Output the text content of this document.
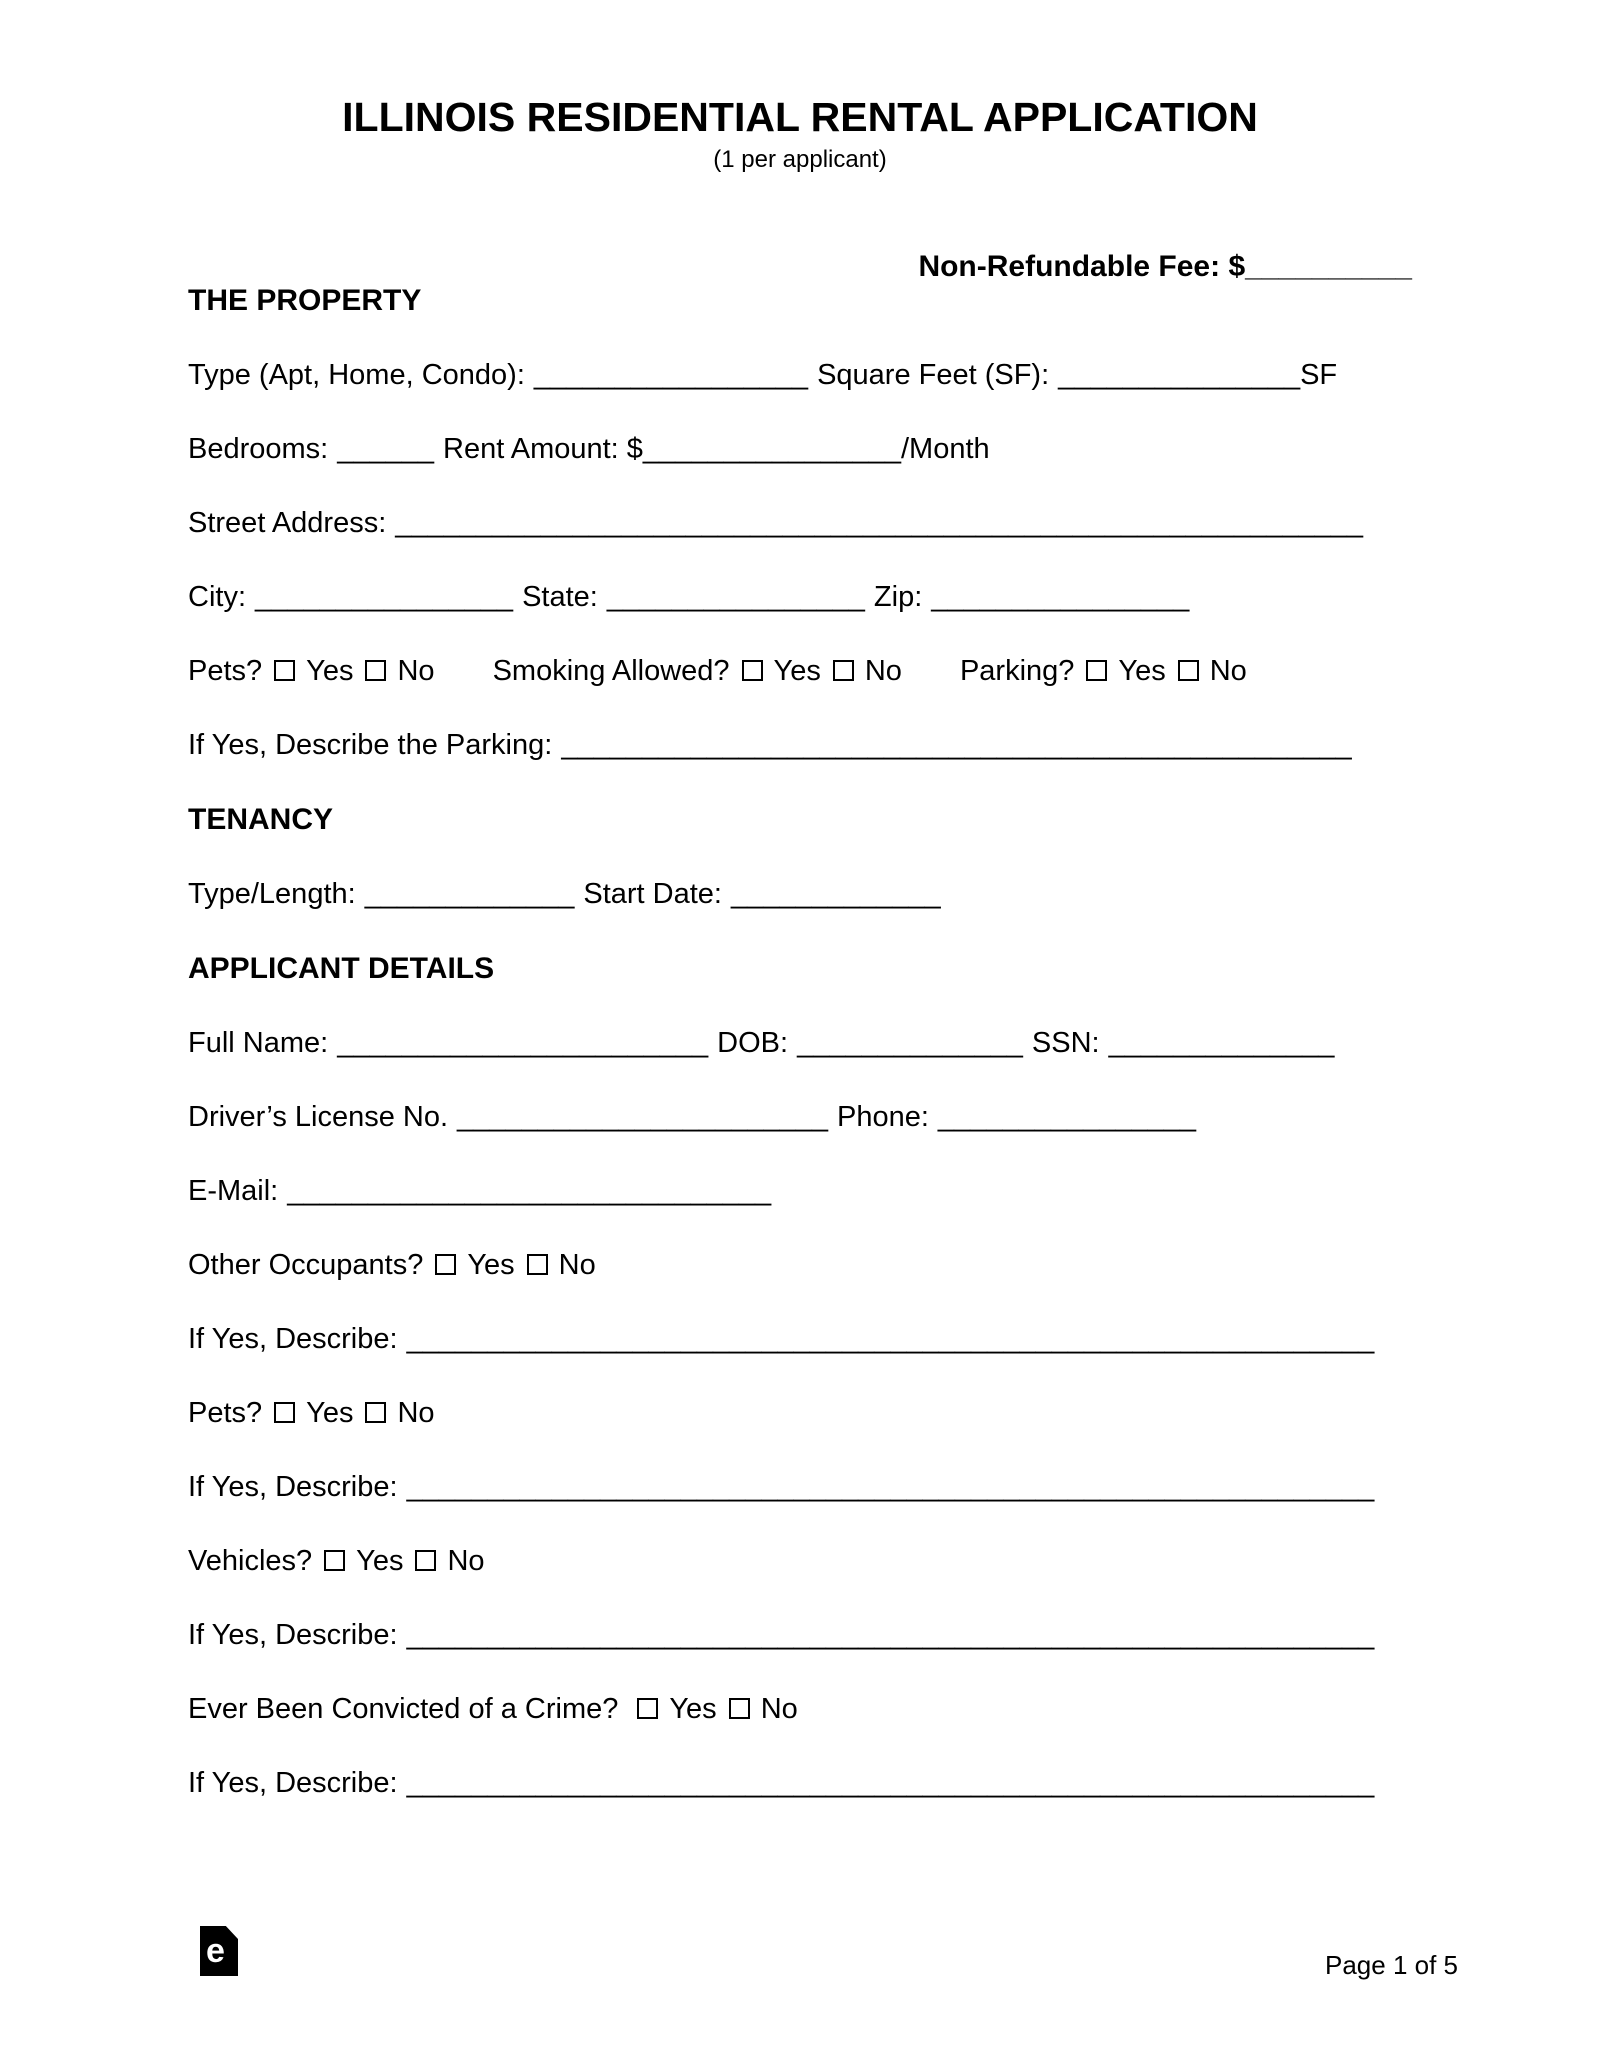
ILLINOIS RESIDENTIAL RENTAL APPLICATION
(1 per applicant)
Non-Refundable Fee: $__________
THE PROPERTY
Type (Apt, Home, Condo): _________________ Square Feet (SF): _______________SF
Bedrooms: ______ Rent Amount: $________________/Month
Street Address: ____________________________________________________________
City: ________________ State: ________________ Zip: ________________
Pets? Yes No Smoking Allowed? Yes No Parking? Yes No
If Yes, Describe the Parking: _________________________________________________
TENANCY
Type/Length: _____________ Start Date: _____________
APPLICANT DETAILS
Full Name: _______________________ DOB: ______________ SSN: ______________
Driver’s License No. _______________________ Phone: ________________
E-Mail: ______________________________
Other Occupants? Yes No
If Yes, Describe: ____________________________________________________________
Pets? Yes No
If Yes, Describe: ____________________________________________________________
Vehicles? Yes No
If Yes, Describe: ____________________________________________________________
Ever Been Convicted of a Crime? Yes No
If Yes, Describe: ____________________________________________________________
e	Page 1 of 5
